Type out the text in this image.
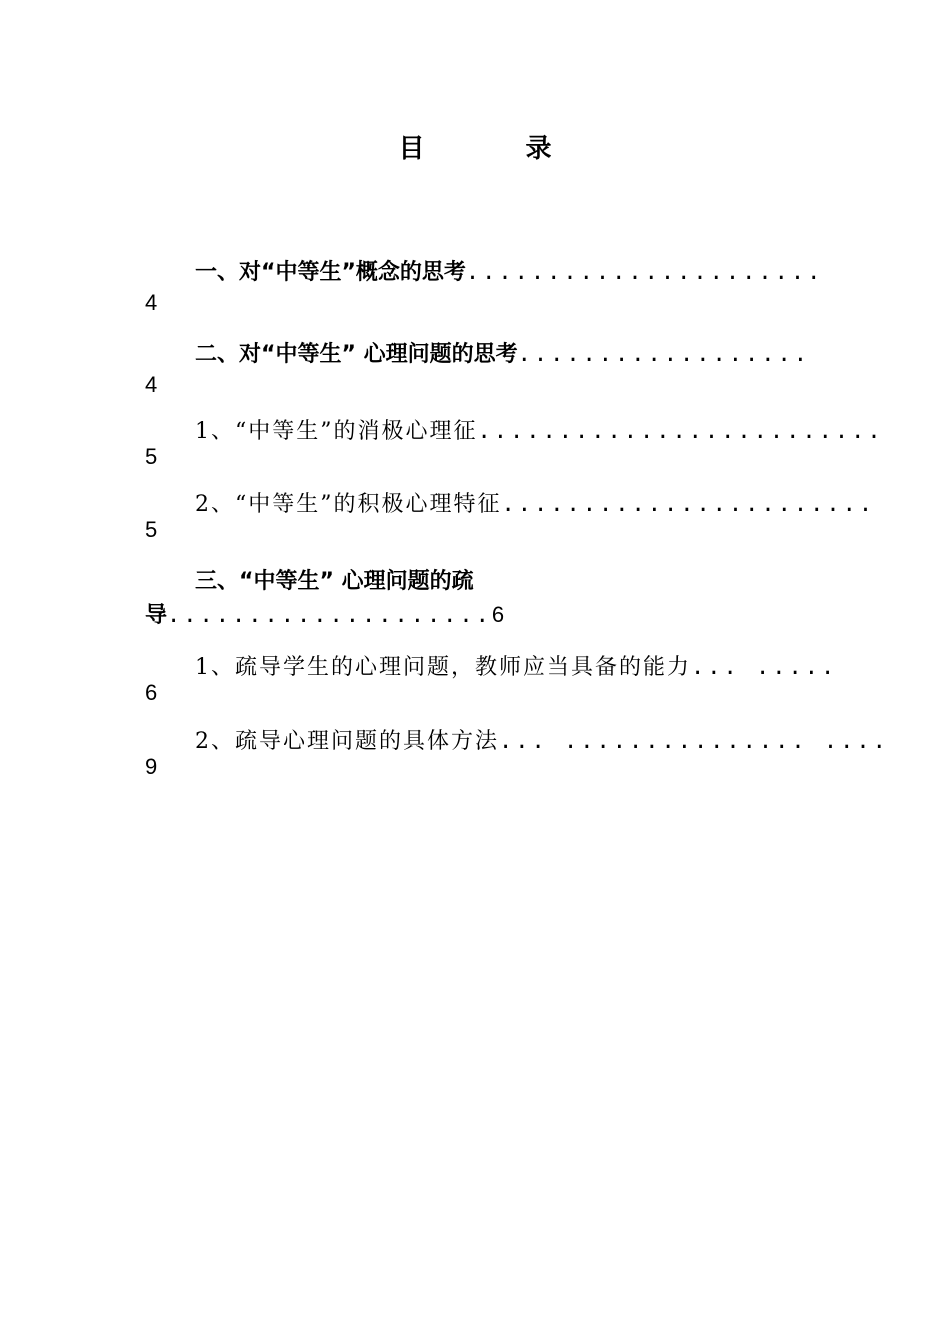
目 录
一、对“中等生”概念的思考......................
4
二、对“中等生” 心理问题的思考..................
4
1、“中等生”的消极心理征.........................
5
2、“中等生”的积极心理特征.......................
5
三、“中等生” 心理问题的疏
导....................6
1、疏导学生的心理问题，教师应当具备的能力... .....
6
2、疏导心理问题的具体方法... ............... ....
9
